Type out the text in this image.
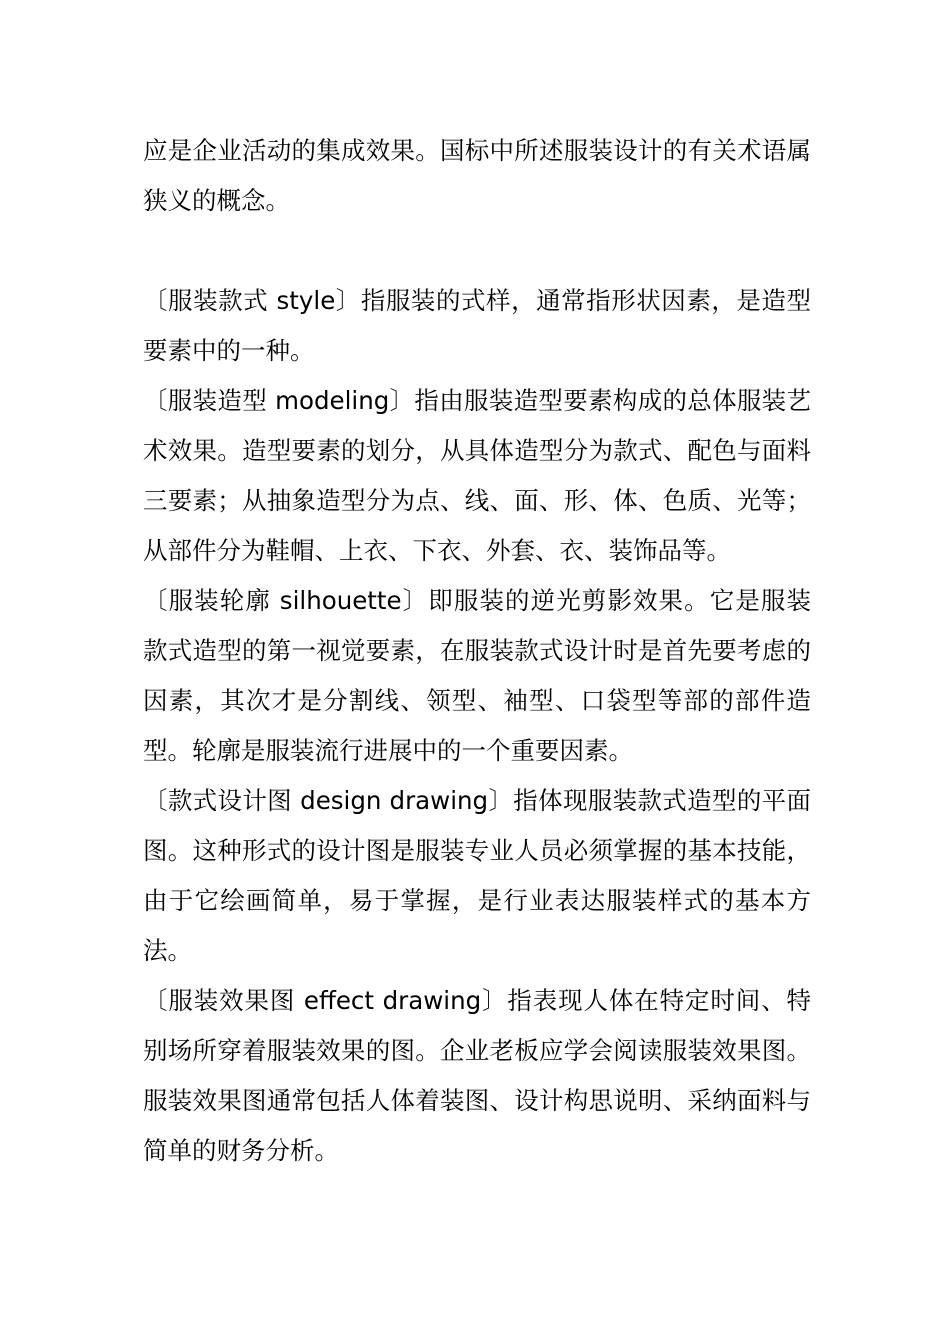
应是企业活动的集成效果。国标中所述服装设计的有关术语属狭义的概念。

〔服装款式 style〕指服装的式样，通常指形状因素，是造型要素中的一种。

〔服装造型 modeling〕指由服装造型要素构成的总体服装艺术效果。造型要素的划分，从具体造型分为款式、配色与面料三要素；从抽象造型分为点、线、面、形、体、色质、光等；从部件分为鞋帽、上衣、下衣、外套、衣、装饰品等。

〔服装轮廓 silhouette〕即服装的逆光剪影效果。它是服装款式造型的第一视觉要素，在服装款式设计时是首先要考虑的因素，其次才是分割线、领型、袖型、口袋型等部的部件造型。轮廓是服装流行进展中的一个重要因素。

〔款式设计图 design drawing〕指体现服装款式造型的平面图。这种形式的设计图是服装专业人员必须掌握的基本技能，由于它绘画简单，易于掌握，是行业表达服装样式的基本方法。

〔服装效果图 effect drawing〕指表现人体在特定时间、特别场所穿着服装效果的图。企业老板应学会阅读服装效果图。服装效果图通常包括人体着装图、设计构思说明、采纳面料与简单的财务分析。
